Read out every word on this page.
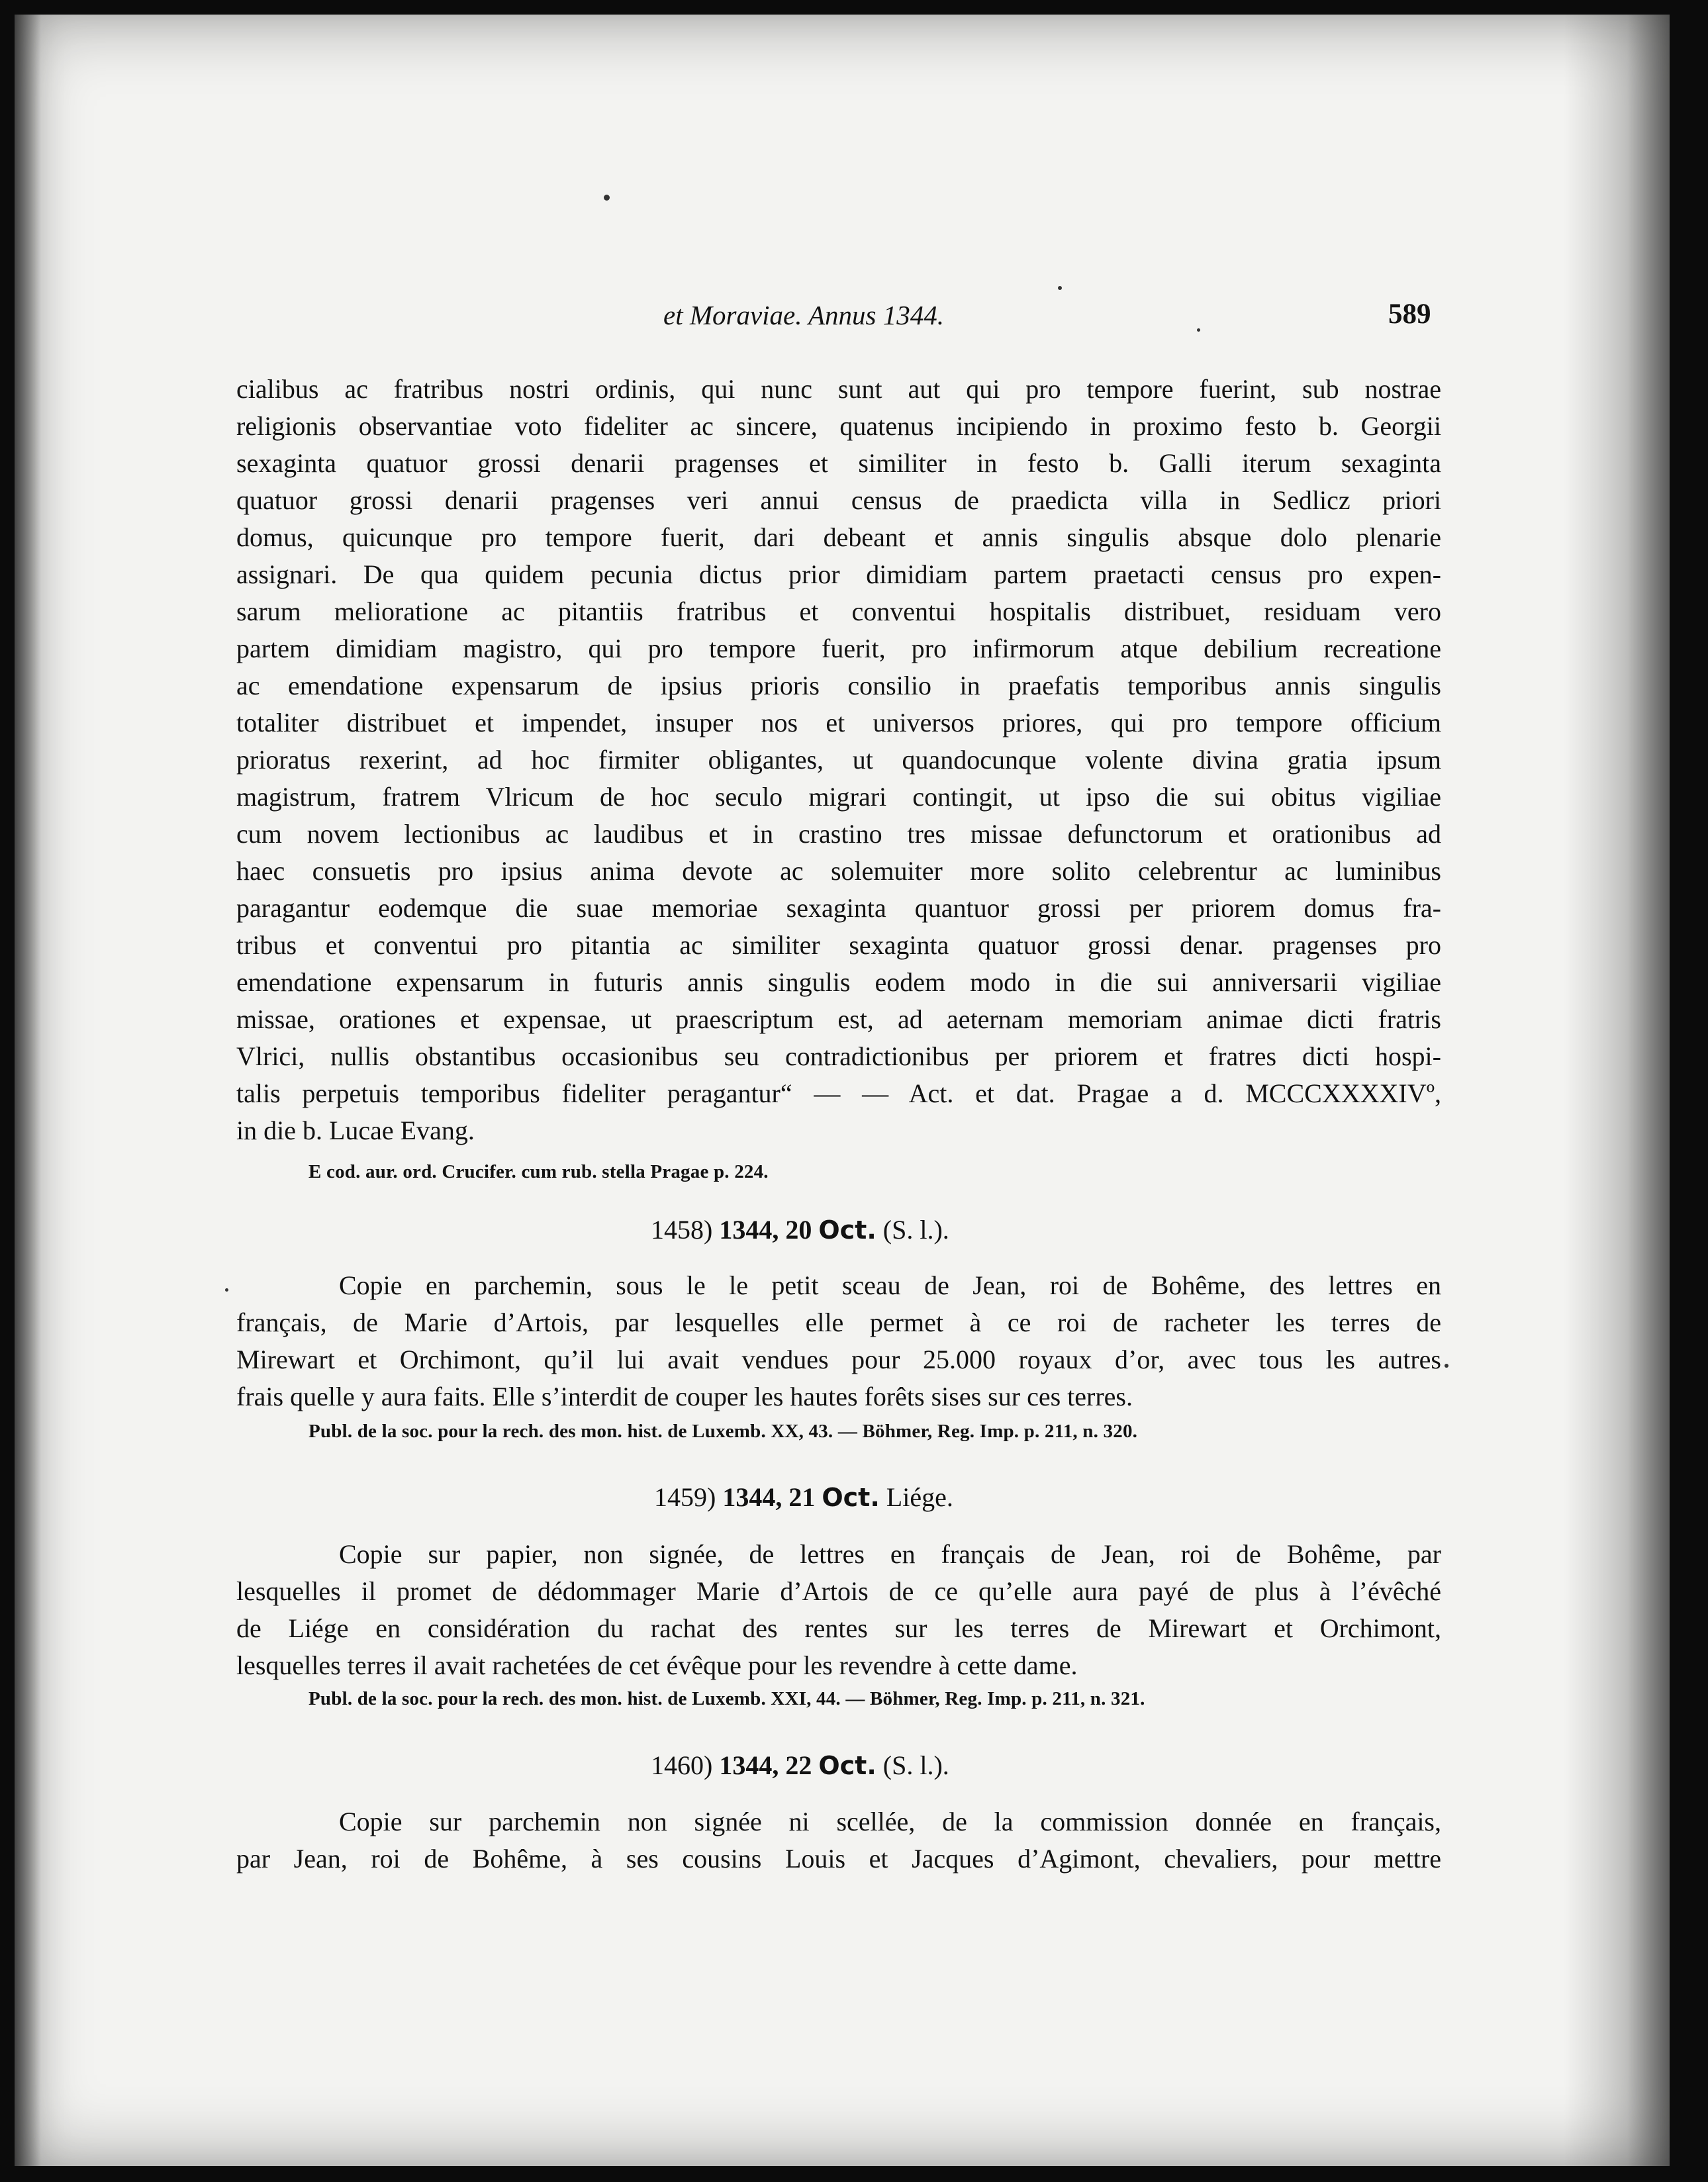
et Moraviae. Annus 1344.	589
cialibus ac fratribus nostri ordinis, qui nunc sunt aut qui pro tempore fuerint, sub nostrae
religionis observantiae voto fideliter ac sincere, quatenus incipiendo in proximo festo b. Georgii
sexaginta quatuor grossi denarii pragenses et similiter in festo b. Galli iterum sexaginta
quatuor grossi denarii pragenses veri annui census de praedicta villa in Sedlicz priori
domus, quicunque pro tempore fuerit, dari debeant et annis singulis absque dolo plenarie
assignari. De qua quidem pecunia dictus prior dimidiam partem praetacti census pro expen-
sarum melioratione ac pitantiis fratribus et conventui hospitalis distribuet, residuam vero
partem dimidiam magistro, qui pro tempore fuerit, pro infirmorum atque debilium recreatione
ac emendatione expensarum de ipsius prioris consilio in praefatis temporibus annis singulis
totaliter distribuet et impendet, insuper nos et universos priores, qui pro tempore officium
prioratus rexerint, ad hoc firmiter obligantes, ut quandocunque volente divina gratia ipsum
magistrum, fratrem Vlricum de hoc seculo migrari contingit, ut ipso die sui obitus vigiliae
cum novem lectionibus ac laudibus et in crastino tres missae defunctorum et orationibus ad
haec consuetis pro ipsius anima devote ac solemuiter more solito celebrentur ac luminibus
paragantur eodemque die suae memoriae sexaginta quantuor grossi per priorem domus fra-
tribus et conventui pro pitantia ac similiter sexaginta quatuor grossi denar. pragenses pro
emendatione expensarum in futuris annis singulis eodem modo in die sui anniversarii vigiliae
missae, orationes et expensae, ut praescriptum est, ad aeternam memoriam animae dicti fratris
Vlrici, nullis obstantibus occasionibus seu contradictionibus per priorem et fratres dicti hospi-
talis perpetuis temporibus fideliter peragantur“ — — Act. et dat. Pragae a d. MCCCXXXXIVº,
in die b. Lucae Evang.
E cod. aur. ord. Crucifer. cum rub. stella Pragae p. 224.
1458) 1344, 20 Oct. (S. l.).
Copie en parchemin, sous le le petit sceau de Jean, roi de Bohême, des lettres en
français, de Marie d’Artois, par lesquelles elle permet à ce roi de racheter les terres de
Mirewart et Orchimont, qu’il lui avait vendues pour 25.000 royaux d’or, avec tous les autres
frais quelle y aura faits. Elle s’interdit de couper les hautes forêts sises sur ces terres.
Publ. de la soc. pour la rech. des mon. hist. de Luxemb. XX, 43. — Böhmer, Reg. Imp. p. 211, n. 320.
1459) 1344, 21 Oct. Liége.
Copie sur papier, non signée, de lettres en français de Jean, roi de Bohême, par
lesquelles il promet de dédommager Marie d’Artois de ce qu’elle aura payé de plus à l’évêché
de Liége en considération du rachat des rentes sur les terres de Mirewart et Orchimont,
lesquelles terres il avait rachetées de cet évêque pour les revendre à cette dame.
Publ. de la soc. pour la rech. des mon. hist. de Luxemb. XXI, 44. — Böhmer, Reg. Imp. p. 211, n. 321.
1460) 1344, 22 Oct. (S. l.).
Copie sur parchemin non signée ni scellée, de la commission donnée en français,
par Jean, roi de Bohême, à ses cousins Louis et Jacques d’Agimont, chevaliers, pour mettre
